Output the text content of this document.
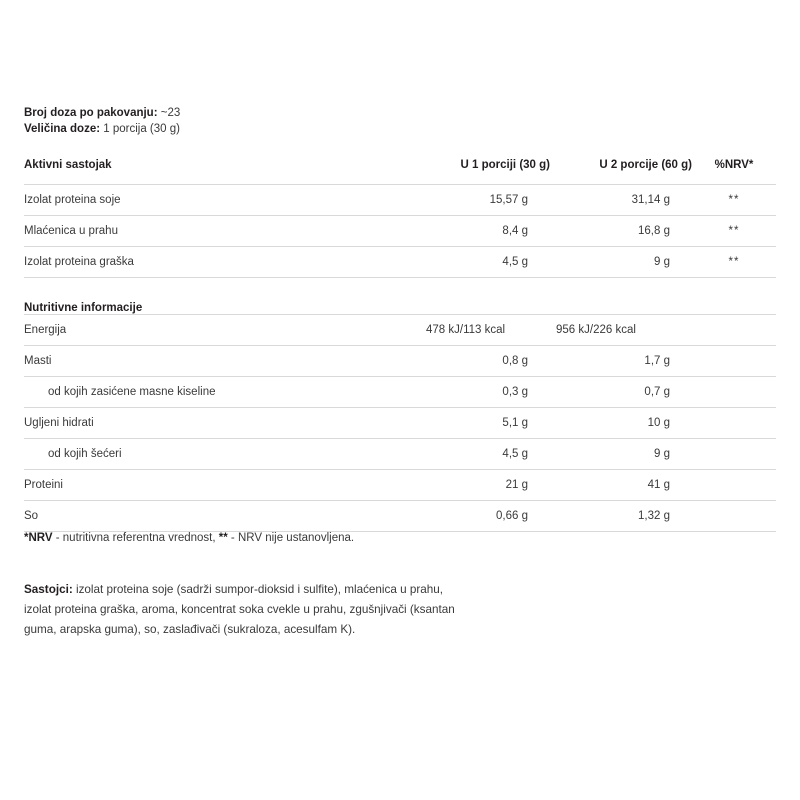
Broj doza po pakovanju: ~23
Veličina doze: 1 porcija (30 g)
Aktivni sastojak	U 1 porciji (30 g)	U 2 porcije (60 g)	%NRV*
Izolat proteina soje	15,57 g	31,14 g	**
Mlaćenica u prahu	8,4 g	16,8 g	**
Izolat proteina graška	4,5 g	9 g	**
Nutritivne informacije			
Energija	478 kJ/113 kcal	956 kJ/226 kcal	
Masti	0,8 g	1,7 g	
od kojih zasićene masne kiseline	0,3 g	0,7 g	
Ugljeni hidrati	5,1 g	10 g	
od kojih šećeri	4,5 g	9 g	
Proteini	21 g	41 g	
So	0,66 g	1,32 g	

*NRV - nutritivna referentna vrednost, ** - NRV nije ustanovljena.
Sastojci: izolat proteina soje (sadrži sumpor-dioksid i sulfite), mlaćenica u prahu, izolat proteina graška, aroma, koncentrat soka cvekle u prahu, zgušnjivači (ksantan guma, arapska guma), so, zaslađivači (sukraloza, acesulfam K).
